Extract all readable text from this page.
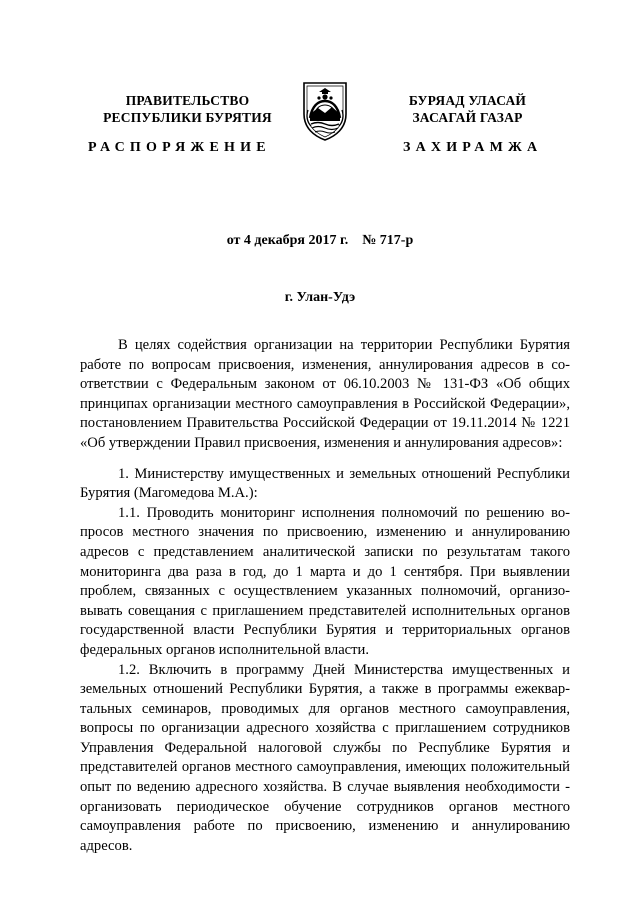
ПРАВИТЕЛЬСТВО
РЕСПУБЛИКИ БУРЯТИЯ
БУРЯАД УЛАСАЙ
ЗАСАГАЙ ГАЗАР
РАСПОРЯЖЕНИЕ	ЗАХИРАМЖА
от 4 декабря 2017 г. № 717-р
г. Улан-Удэ

В целях содействия организации на территории Республики Бурятия работе по вопросам присвоения, изменения, аннулирования адресов в соответствии с Федеральным законом от 06.10.2003 № 131-ФЗ «Об общих принципах организации местного самоуправления в Российской Федерации», постановлением Правительства Российской Федерации от 19.11.2014 № 1221 «Об утверждении Правил присвоения, изменения и аннулирования адресов»:

1. Министерству имущественных и земельных отношений Республики Бурятия (Магомедова М.А.):

1.1. Проводить мониторинг исполнения полномочий по решению вопросов местного значения по присвоению, изменению и аннулированию адресов с представлением аналитической записки по результатам такого мониторинга два раза в год, до 1 марта и до 1 сентября. При выявлении проблем, связанных с осуществлением указанных полномочий, организовывать совещания с приглашением представителей исполнительных органов государственной власти Республики Бурятия и территориальных органов федеральных органов исполнительной власти.

1.2. Включить в программу Дней Министерства имущественных и земельных отношений Республики Бурятия, а также в программы ежеквартальных семинаров, проводимых для органов местного самоуправления, вопросы по организации адресного хозяйства с приглашением сотрудников Управления Федеральной налоговой службы по Республике Бурятия и представителей органов местного самоуправления, имеющих положительный опыт по ведению адресного хозяйства. В случае выявления необходимости - организовать периодическое обучение сотрудников органов местного самоуправления работе по присвоению, изменению и аннулированию адресов.
